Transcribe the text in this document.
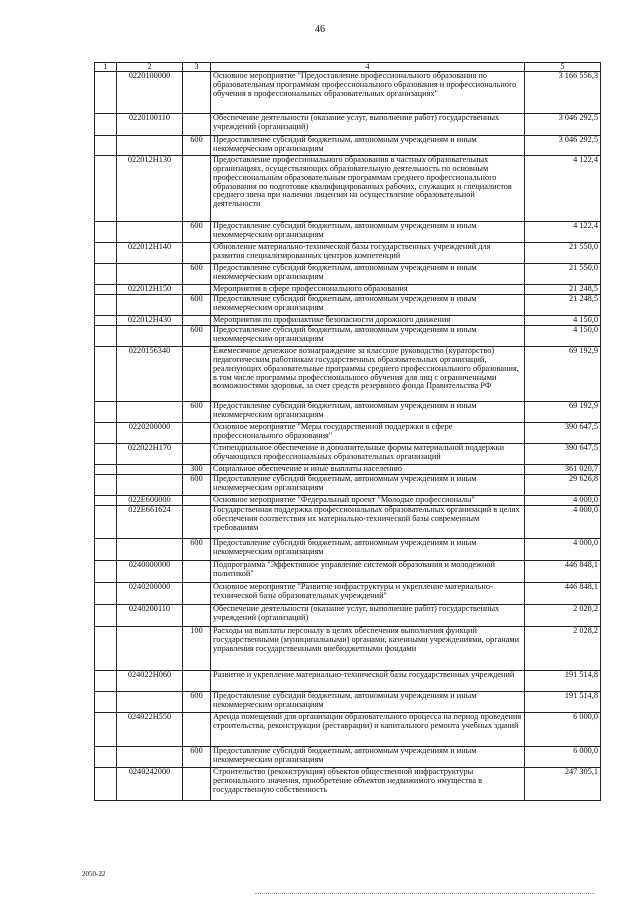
46
1	2	3	4	5
	0220100000		Основное мероприятие "Предоставление профессионального образования по образовательным программам профессионального образования и профессионального обучения в профессиональных образовательных организациях"	3 166 556,3
	0220100110		Обеспечение деятельности (оказание услуг, выполнение работ) государственных учреждений (организаций)	3 046 292,5
		600	Предоставление субсидий бюджетным, автономным учреждениям и иным некоммерческим организациям	3 046 292,5
	022012Н130		Предоставление профессионального образования в частных образовательных организациях, осуществляющих образовательную деятельность по основным профессиональным образовательным программам среднего профессионального образования по подготовке квалифицированных рабочих, служащих и специалистов среднего звена при наличии лицензии на осуществление образовательной деятельности	4 122,4
		600	Предоставление субсидий бюджетным, автономным учреждениям и иным некоммерческим организациям	4 122,4
	022012Н140		Обновление материально-технической базы государственных учреждений для развития специализированных центров компетенций	21 550,0
		600	Предоставление субсидий бюджетным, автономным учреждениям и иным некоммерческим организациям	21 550,0
	022012Н150		Мероприятия в сфере профессионального образования	21 248,5
		600	Предоставление субсидий бюджетным, автономным учреждениям и иным некоммерческим организациям	21 248,5
	022012Н430		Мероприятия по профилактике безопасности дорожного движения	4 150,0
		600	Предоставление субсидий бюджетным, автономным учреждениям и иным некоммерческим организациям	4 150,0
	0220156340		Ежемесячное денежное вознаграждение за классное руководство (кураторство) педагогическим работникам государственных образовательных организаций, реализующих образовательные программы среднего профессионального образования, в том числе программы профессионального обучения для лиц с ограниченными возможностями здоровья, за счет средств резервного фонда Правительства РФ	69 192,9
		600	Предоставление субсидий бюджетным, автономным учреждениям и иным некоммерческим организациям	69 192,9
	0220200000		Основное мероприятие "Меры государственной поддержки в сфере профессионального образования"	390 647,5
	022022Н170		Стипендиальное обеспечение и дополнительные формы материальной поддержки обучающихся профессиональных образовательных организаций	390 647,5
		300	Социальное обеспечение и иные выплаты населению	361 020,7
		600	Предоставление субсидий бюджетным, автономным учреждениям и иным некоммерческим организациям	29 626,8
	022Е600000		Основное мероприятие "Федеральный проект "Молодые профессионалы"	4 000,0
	022Е661624		Государственная поддержка профессиональных образовательных организаций в целях обеспечения соответствия их материально-технической базы современным требованиям	4 000,0
		600	Предоставление субсидий бюджетным, автономным учреждениям и иным некоммерческим организациям	4 000,0
	0240000000		Подпрограмма "Эффективное управление системой образования и молодежной политикой"	446 848,1
	0240200000		Основное мероприятие "Развитие инфраструктуры и укрепление материально-технической базы образовательных учреждений"	446 848,1
	0240200110		Обеспечение деятельности (оказание услуг, выполнение работ) государственных учреждений (организаций)	2 028,2
		100	Расходы на выплаты персоналу в целях обеспечения выполнения функций государственными (муниципальными) органами, казенными учреждениями, органами управления государственными внебюджетными фондами	2 028,2
	024022Н060		Развитие и укрепление материально-технической базы государственных учреждений	191 514,8
		600	Предоставление субсидий бюджетным, автономным учреждениям и иным некоммерческим организациям	191 514,8
	024022Н550		Аренда помещений для организации образовательного процесса на период проведения строительства, реконструкции (реставрации) и капитального ремонта учебных зданий	6 000,0
		600	Предоставление субсидий бюджетным, автономным учреждениям и иным некоммерческим организациям	6 000,0
	0240242000		Строительство (реконструкция) объектов общественной инфраструктуры регионального значения, приобретение объектов недвижимого имущества в государственную собственность	247 305,1
2050-22
